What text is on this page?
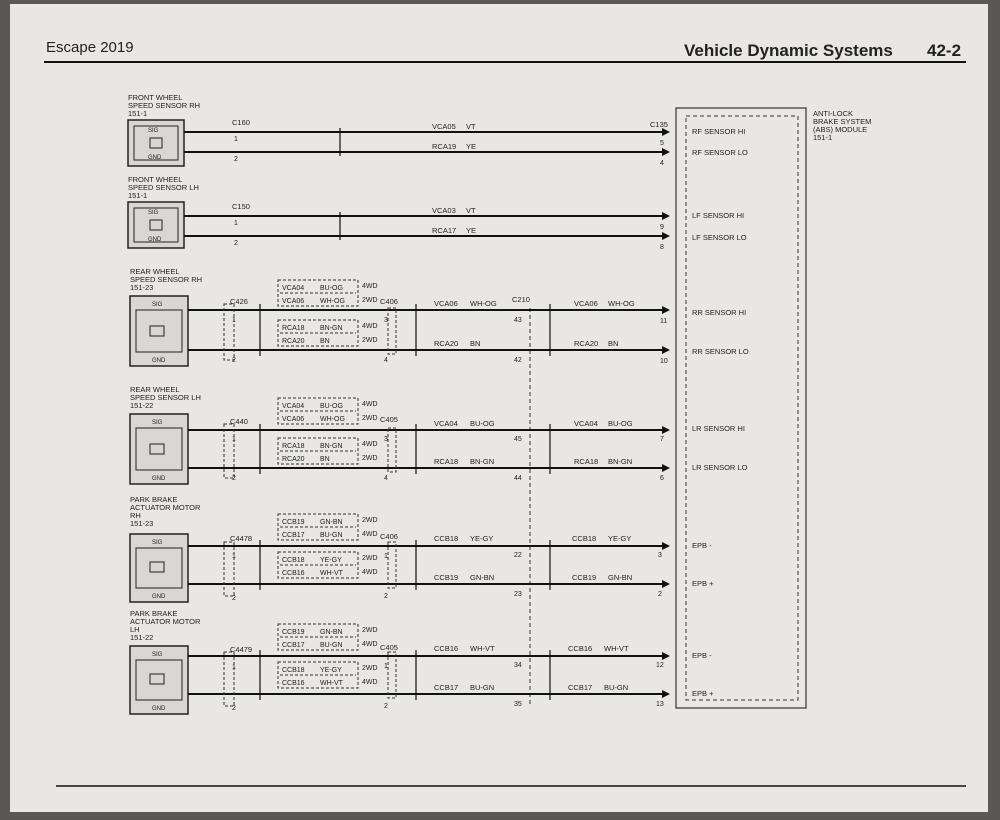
Escape 2019	Vehicle Dynamic Systems 42-2
ANTI-LOCK
BRAKE SYSTEM
(ABS) MODULE
151-1
FRONT WHEEL
SPEED SENSOR RH
151-1
SIG
GND
C160
1
2
VCA05 VT
RCA19 YE
C135
5
4
RF SENSOR HI
RF SENSOR LO
FRONT WHEEL
SPEED SENSOR LH
151-1
SIG
GND
C150
1
2
VCA03 VT
RCA17 YE	9
8
LF SENSOR HI
LF SENSOR LO
REAR WHEEL
SPEED SENSOR RH
151-23
SIG
GND
C426
1
2
VCA04 BU-OG	4WD
VCA06 WH-OG 2WD
RCA18 BN-GN	4WD
RCA20 BN	2WD
C406
3
4
VCA06 WH-OG
RCA20 BN
C210
43
42
VCA06 WH-OG
RCA20 BN
11
10
RR SENSOR HI
RR SENSOR LO
REAR WHEEL
SPEED SENSOR LH
151-22
SIG
GND
C440
1
2
VCA04 BU-OG	4WD
VCA06 WH-OG 2WD
RCA18 BN-GN	4WD
RCA20 BN	2WD
C405
3
4
VCA04 BU-OG
RCA18 BN-GN
45
44
VCA04 BU-OG
RCA18 BN-GN
7
6
LR SENSOR HI
LR SENSOR LO
PARK BRAKE
ACTUATOR MOTOR
RH
151-23
SIG
GND
C4478
1
2
CCB19 GN-BN	2WD
CCB17 BU-GN	4WD
CCB18 YE-GY	2WD
CCB16 WH-VT	4WD
C406
1
2
CCB18 YE-GY
CCB19 GN-BN
22
23
CCB18 YE-GY
CCB19 GN-BN
3
2
EPB -
EPB +
PARK BRAKE
ACTUATOR MOTOR
LH
151-22
SIG
GND
C4479
1
2
CCB19 GN-BN	2WD
CCB17 BU-GN	4WD
CCB18 YE-GY	2WD
CCB16 WH-VT	4WD
C405
1
2
CCB16 WH-VT
CCB17 BU-GN
34
35
CCB16 WH-VT
CCB17 BU-GN
12
13
EPB -
EPB +
